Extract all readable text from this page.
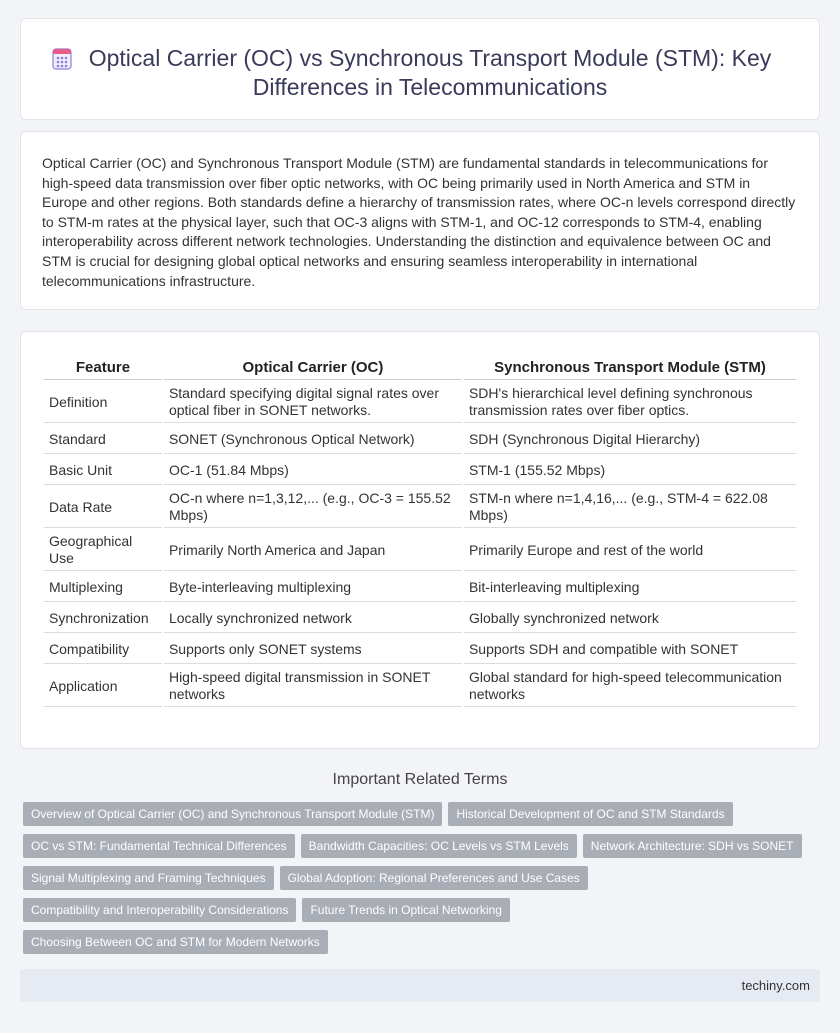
Optical Carrier (OC) vs Synchronous Transport Module (STM): Key Differences in Telecommunications

Optical Carrier (OC) and Synchronous Transport Module (STM) are fundamental standards in telecommunications for high-speed data transmission over fiber optic networks, with OC being primarily used in North America and STM in Europe and other regions. Both standards define a hierarchy of transmission rates, where OC-n levels correspond directly to STM-m rates at the physical layer, such that OC-3 aligns with STM-1, and OC-12 corresponds to STM-4, enabling interoperability across different network technologies. Understanding the distinction and equivalence between OC and STM is crucial for designing global optical networks and ensuring seamless interoperability in international telecommunications infrastructure.

Feature	Optical Carrier (OC)	Synchronous Transport Module (STM)
Definition	Standard specifying digital signal rates over optical fiber in SONET networks.	SDH's hierarchical level defining synchronous transmission rates over fiber optics.
Standard	SONET (Synchronous Optical Network)	SDH (Synchronous Digital Hierarchy)
Basic Unit	OC-1 (51.84 Mbps)	STM-1 (155.52 Mbps)
Data Rate	OC-n where n=1,3,12,... (e.g., OC-3 = 155.52 Mbps)	STM-n where n=1,4,16,... (e.g., STM-4 = 622.08 Mbps)
Geographical Use	Primarily North America and Japan	Primarily Europe and rest of the world
Multiplexing	Byte-interleaving multiplexing	Bit-interleaving multiplexing
Synchronization	Locally synchronized network	Globally synchronized network
Compatibility	Supports only SONET systems	Supports SDH and compatible with SONET
Application	High-speed digital transmission in SONET networks	Global standard for high-speed telecommunication networks
Important Related Terms
Overview of Optical Carrier (OC) and Synchronous Transport Module (STM)	Historical Development of OC and STM Standards
OC vs STM: Fundamental Technical Differences	Bandwidth Capacities: OC Levels vs STM Levels	Network Architecture: SDH vs SONET
Signal Multiplexing and Framing Techniques	Global Adoption: Regional Preferences and Use Cases
Compatibility and Interoperability Considerations	Future Trends in Optical Networking
Choosing Between OC and STM for Modern Networks
techiny.com
